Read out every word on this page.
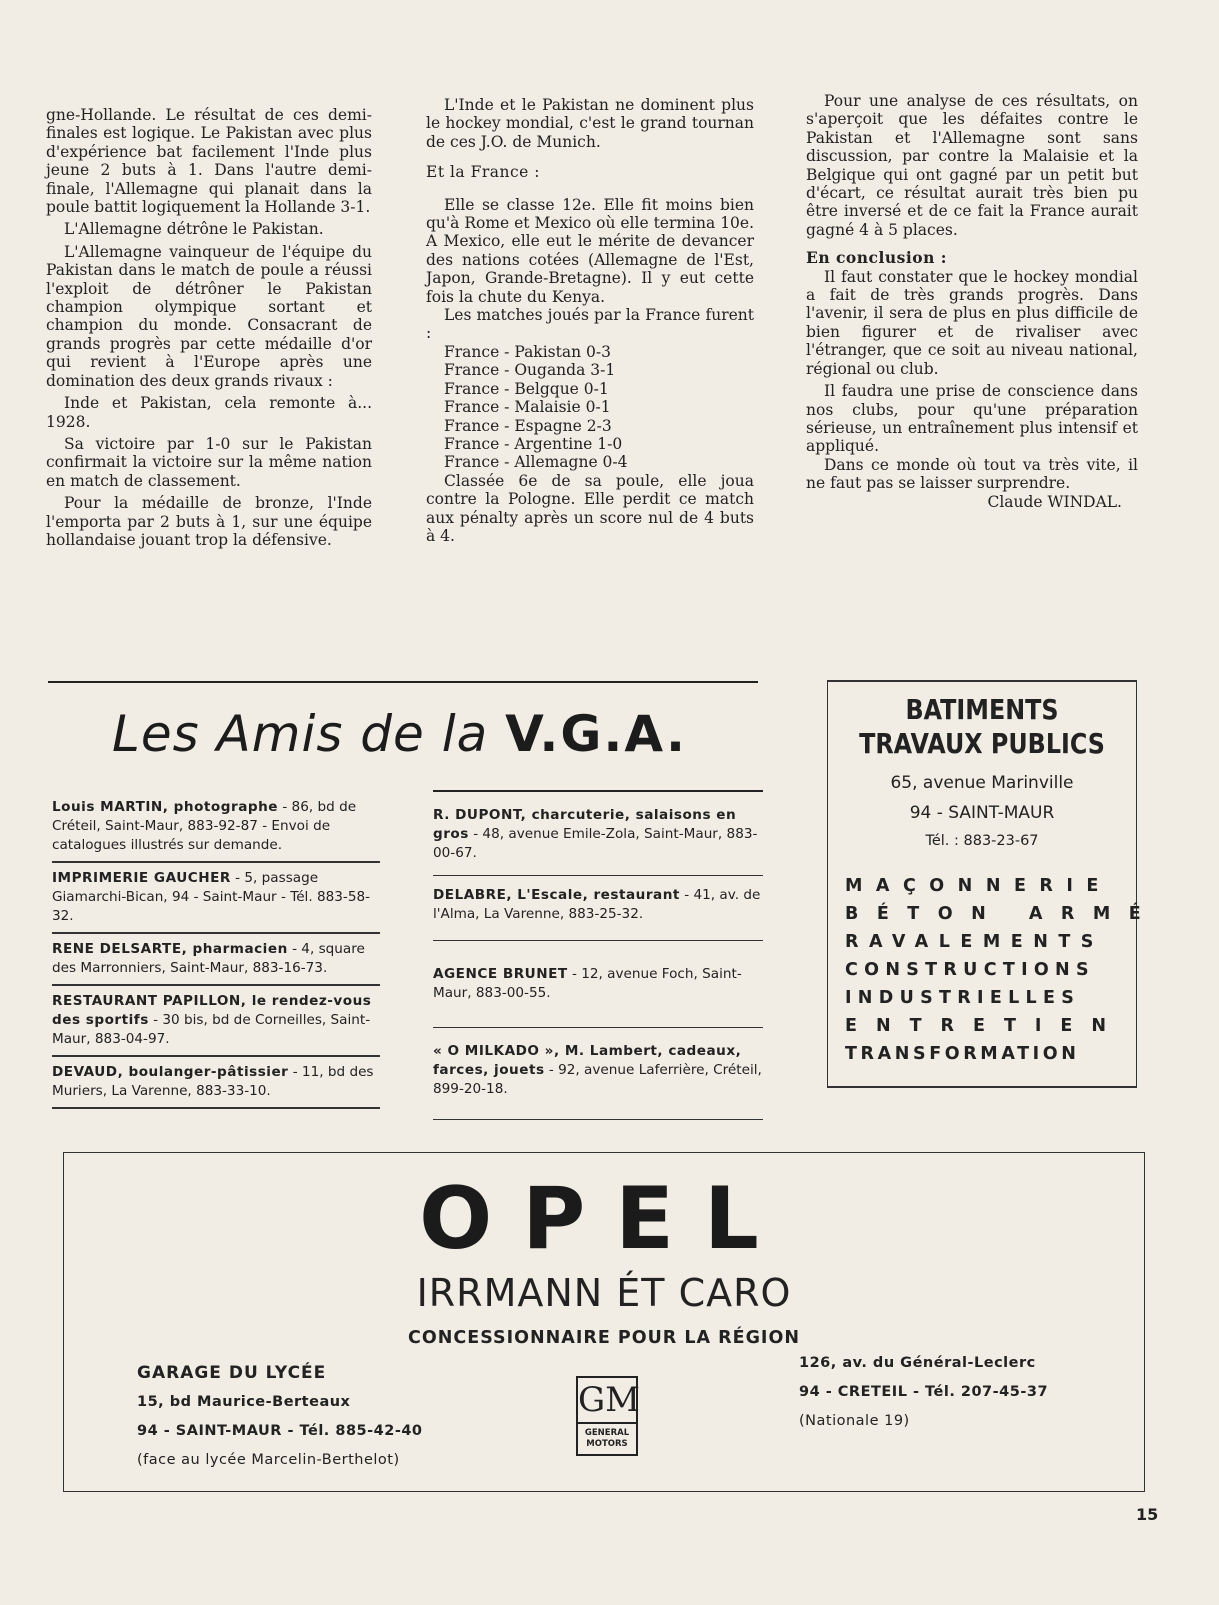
gne-Hollande. Le résultat de ces demi-finales est logique. Le Pakistan avec plus d'expérience bat facilement l'Inde plus jeune 2 buts à 1. Dans l'autre demi-finale, l'Allemagne qui planait dans la poule battit logiquement la Hollande 3-1.

L'Allemagne détrône le Pakistan.

L'Allemagne vainqueur de l'équipe du Pakistan dans le match de poule a réussi l'exploit de détrôner le Pakistan champion olympique sortant et champion du monde. Consacrant de grands progrès par cette médaille d'or qui revient à l'Europe après une domination des deux grands rivaux :

Inde et Pakistan, cela remonte à... 1928.

Sa victoire par 1-0 sur le Pakistan confirmait la victoire sur la même nation en match de classement.

Pour la médaille de bronze, l'Inde l'emporta par 2 buts à 1, sur une équipe hollandaise jouant trop la défensive.

L'Inde et le Pakistan ne dominent plus le hockey mondial, c'est le grand tournan de ces J.O. de Munich.

Et la France :

Elle se classe 12e. Elle fit moins bien qu'à Rome et Mexico où elle termina 10e. A Mexico, elle eut le mérite de devancer des nations cotées (Allemagne de l'Est, Japon, Grande-Bretagne). Il y eut cette fois la chute du Kenya.

Les matches joués par la France furent :

France - Pakistan 0-3

France - Ouganda 3-1

France - Belgque 0-1

France - Malaisie 0-1

France - Espagne 2-3

France - Argentine 1-0

France - Allemagne 0-4

Classée 6e de sa poule, elle joua contre la Pologne. Elle perdit ce match aux pénalty après un score nul de 4 buts à 4.

Pour une analyse de ces résultats, on s'aperçoit que les défaites contre le Pakistan et l'Allemagne sont sans discussion, par contre la Malaisie et la Belgique qui ont gagné par un petit but d'écart, ce résultat aurait très bien pu être inversé et de ce fait la France aurait gagné 4 à 5 places.

En conclusion :

Il faut constater que le hockey mondial a fait de très grands progrès. Dans l'avenir, il sera de plus en plus difficile de bien figurer et de rivaliser avec l'étranger, que ce soit au niveau national, régional ou club.

Il faudra une prise de conscience dans nos clubs, pour qu'une préparation sérieuse, un entraînement plus intensif et appliqué.

Dans ce monde où tout va très vite, il ne faut pas se laisser surprendre.

Claude WINDAL.

Les Amis de la V.G.A.
Louis MARTIN, photographe - 86, bd de Créteil, Saint-Maur, 883-92-87 - Envoi de catalogues illustrés sur demande.
IMPRIMERIE GAUCHER - 5, passage Giamarchi-Bican, 94 - Saint-Maur - Tél. 883-58-32.
RENE DELSARTE, pharmacien - 4, square des Marronniers, Saint-Maur, 883-16-73.
RESTAURANT PAPILLON, le rendez-vous des sportifs - 30 bis, bd de Corneilles, Saint-Maur, 883-04-97.
DEVAUD, boulanger-pâtissier - 11, bd des Muriers, La Varenne, 883-33-10.
R. DUPONT, charcuterie, salaisons en gros - 48, avenue Emile-Zola, Saint-Maur, 883-00-67.
DELABRE, L'Escale, restaurant - 41, av. de l'Alma, La Varenne, 883-25-32.
AGENCE BRUNET - 12, avenue Foch, Saint-Maur, 883-00-55.
« O MILKADO », M. Lambert, cadeaux, farces, jouets - 92, avenue Laferrière, Créteil, 899-20-18.
BATIMENTS
TRAVAUX PUBLICS
65, avenue Marinville
94 - SAINT-MAUR
Tél. : 883-23-67
MAÇONNERIE
BÉTON ARMÉ
RAVALEMENTS
CONSTRUCTIONS
INDUSTRIELLES
ENTRETIEN
TRANSFORMATION
OPEL
IRRMANN ÉT CARO
CONCESSIONNAIRE POUR LA RÉGION
GARAGE DU LYCÉE
15, bd Maurice-Berteaux
94 - SAINT-MAUR - Tél. 885-42-40
(face au lycée Marcelin-Berthelot)
GM
GENERAL
MOTORS
126, av. du Général-Leclerc
94 - CRETEIL - Tél. 207-45-37
(Nationale 19)
15
